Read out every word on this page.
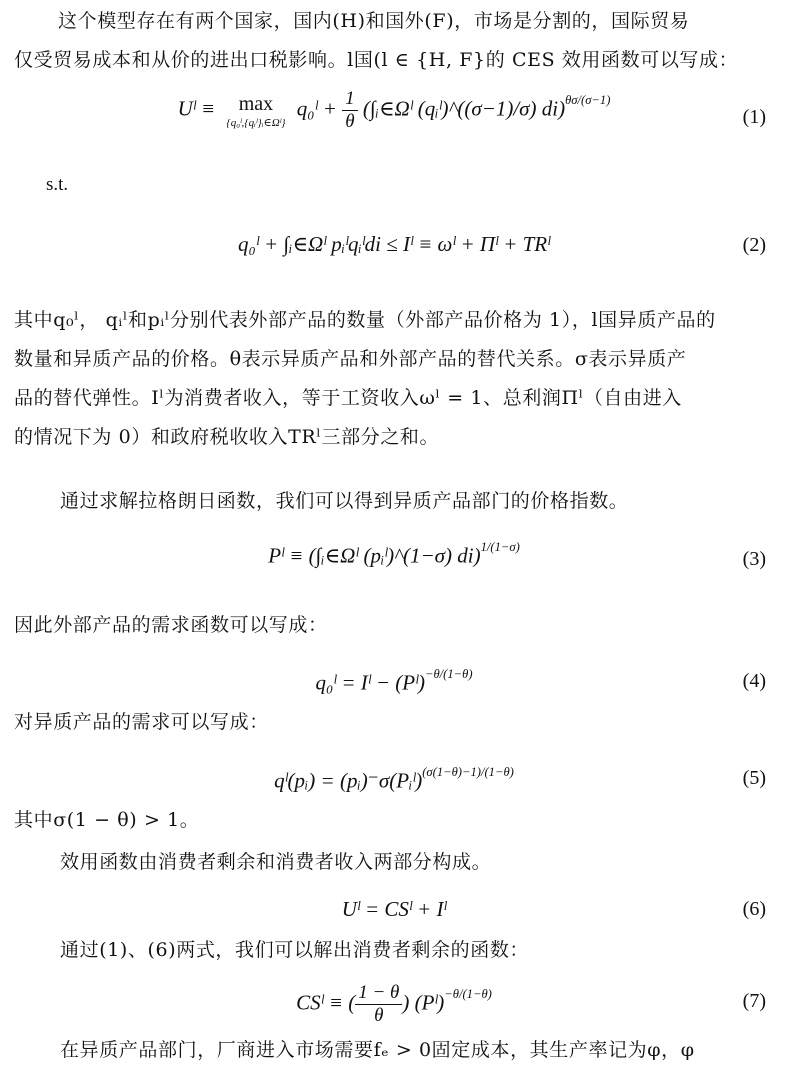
这个模型存在有两个国家，国内(H)和国外(F)，市场是分割的，国际贸易
仅受贸易成本和从价的进出口税影响。l国(l ∈ {H, F}的 CES 效用函数可以写成：
Uˡ ≡	max
{q₀ˡ,{qᵢˡ}ᵢ∈Ωˡ}
q₀ˡ + $\frac{1}{\theta}$ (∫ᵢ∈Ωˡ (qᵢˡ)^((σ−1)/σ) di)$^{\theta\sigma/(\sigma-1)}$
(1)
s.t.
q₀ˡ + ∫ᵢ∈Ωˡ pᵢˡqᵢˡdi ≤ Iˡ ≡ ωˡ + Πˡ + TRˡ	(2)
其中q₀ˡ， qᵢˡ和pᵢˡ分别代表外部产品的数量（外部产品价格为 1），l国异质产品的
数量和异质产品的价格。θ表示异质产品和外部产品的替代关系。σ表示异质产
品的替代弹性。Iˡ为消费者收入，等于工资收入ωˡ = 1、总利润Πˡ（自由进入
的情况下为 0）和政府税收收入TRˡ三部分之和。
通过求解拉格朗日函数，我们可以得到异质产品部门的价格指数。
Pˡ ≡ (∫ᵢ∈Ωˡ (pᵢˡ)^(1−σ) di)$^{1/(1-\sigma)}$
(3)
因此外部产品的需求函数可以写成：
q₀ˡ = Iˡ − (Pˡ)$^{-\theta/(1-\theta)}$	(4)
对异质产品的需求可以写成：
qˡ(pᵢ) = (pᵢ)⁻σ(Pᵢˡ)$^{(\sigma(1-\theta)-1)/(1-\theta)}$	(5)
其中σ(1 − θ) > 1。
效用函数由消费者剩余和消费者收入两部分构成。
Uˡ = CSˡ + Iˡ	(6)
通过(1)、(6)两式，我们可以解出消费者剩余的函数：
CSˡ ≡ ( $\frac{1 - \theta}{\theta}$ ) (Pˡ)$^{-\theta/(1-\theta)}$	(7)
在异质产品部门，厂商进入市场需要fₑ > 0固定成本，其生产率记为φ，φ
